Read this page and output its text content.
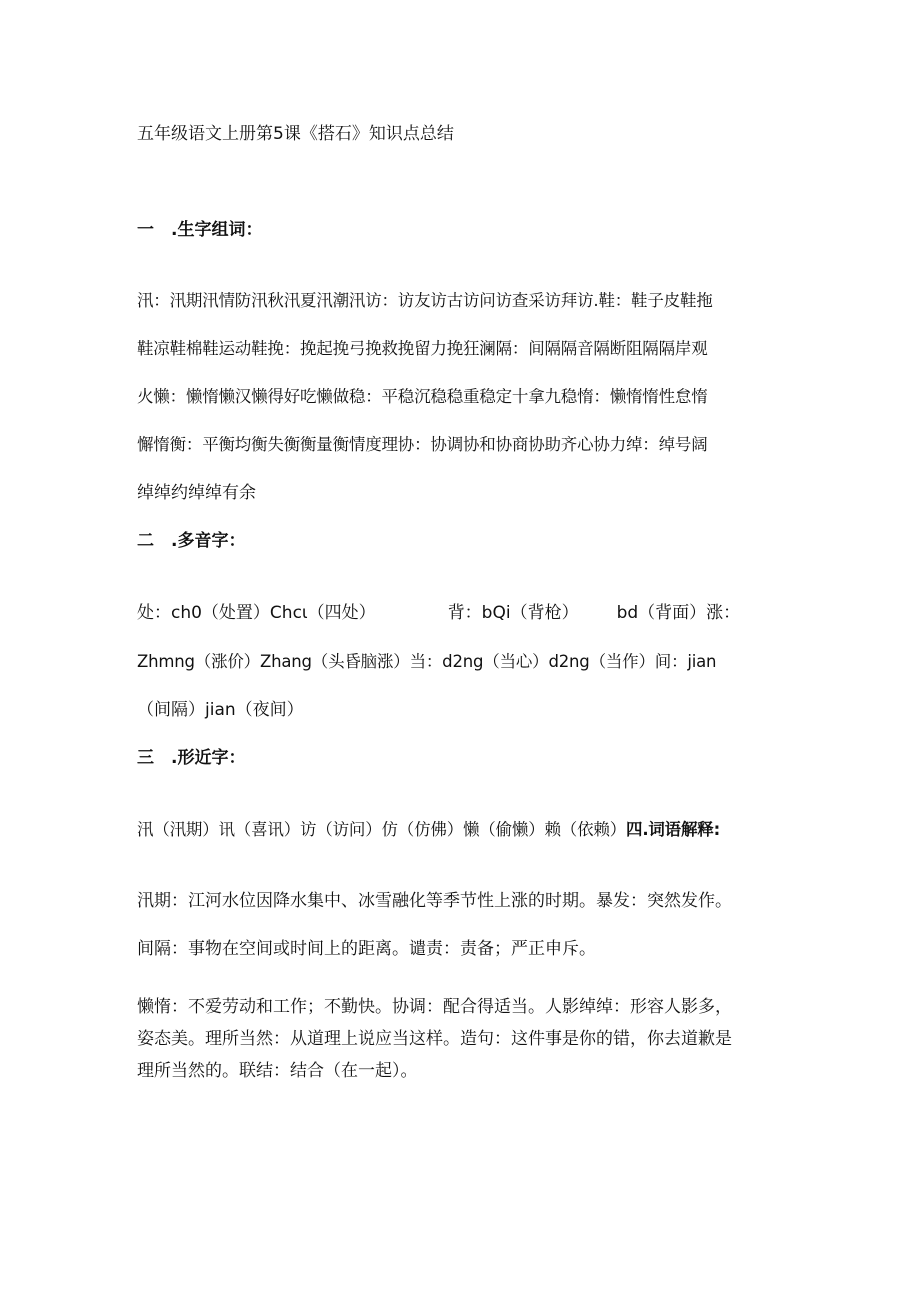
五年级语文上册第5课《搭石》知识点总结
一 .生字组词：
汛：汛期汛情防汛秋汛夏汛潮汛访：访友访古访问访查采访拜访.鞋：鞋子皮鞋拖
鞋凉鞋棉鞋运动鞋挽：挽起挽弓挽救挽留力挽狂澜隔：间隔隔音隔断阻隔隔岸观
火懒：懒惰懒汉懒得好吃懒做稳：平稳沉稳稳重稳定十拿九稳惰：懒惰惰性怠惰
懈惰衡：平衡均衡失衡衡量衡情度理协：协调协和协商协助齐心协力绰：绰号阔
绰绰约绰绰有余
二 .多音字：
处：ch0（处置）Chcι（四处）	背：bQi（背枪） bd（背面）涨：
Zhmng（涨价）Zhang（头昏脑涨）当：d2ng（当心）d2ng（当作）间：jian
（间隔）jian（夜间）
三 .形近字：
汛（汛期）讯（喜讯）访（访问）仿（仿佛）懒（偷懒）赖（依赖）四.词语解释:
汛期：江河水位因降水集中、冰雪融化等季节性上涨的时期。暴发：突然发作。
间隔：事物在空间或时间上的距离。谴责：责备；严正申斥。
懒惰：不爱劳动和工作；不勤快。协调：配合得适当。人影绰绰：形容人影多，
姿态美。理所当然：从道理上说应当这样。造句：这件事是你的错，你去道歉是
理所当然的。联结：结合（在一起）。
